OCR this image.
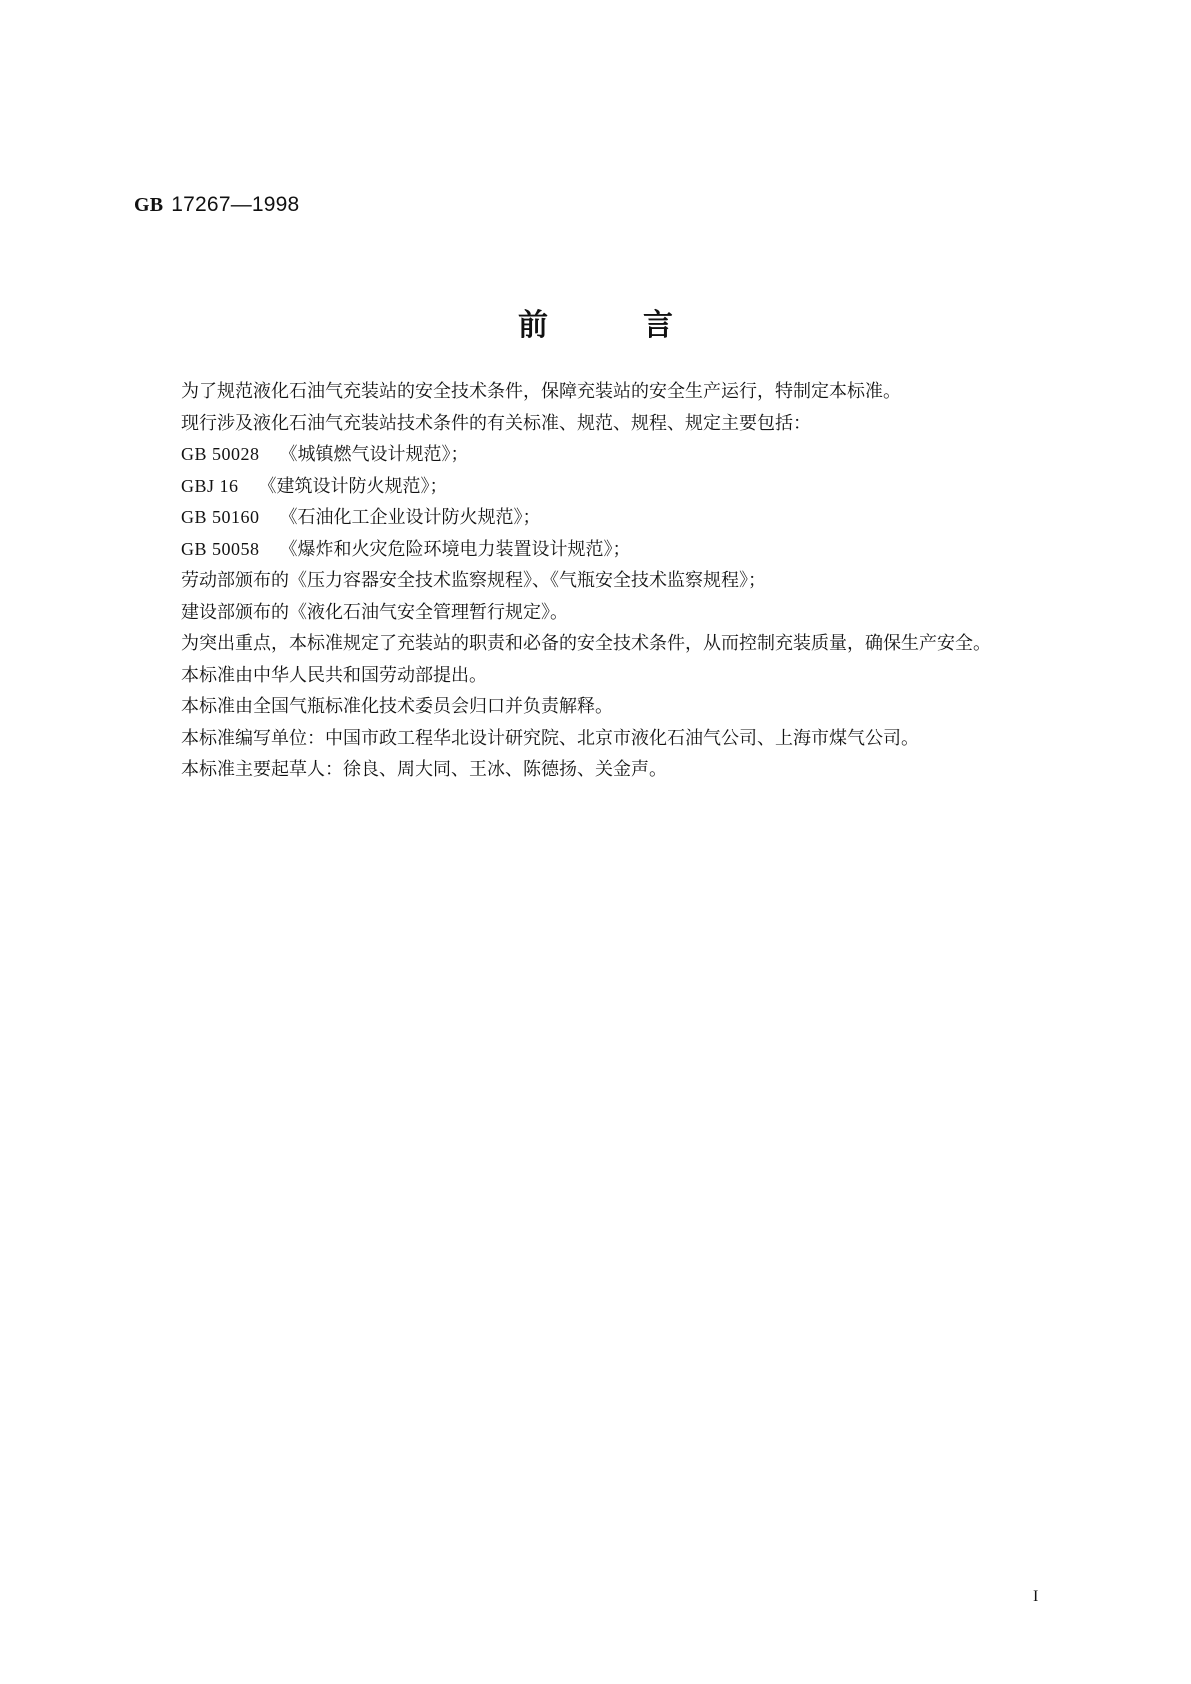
GB 17267—1998
前	言

为了规范液化石油气充装站的安全技术条件，保障充装站的安全生产运行，特制定本标准。

现行涉及液化石油气充装站技术条件的有关标准、规范、规程、规定主要包括：

GB 50028 《城镇燃气设计规范》；

GBJ 16 《建筑设计防火规范》；

GB 50160 《石油化工企业设计防火规范》；

GB 50058 《爆炸和火灾危险环境电力装置设计规范》；

劳动部颁布的《压力容器安全技术监察规程》、《气瓶安全技术监察规程》；

建设部颁布的《液化石油气安全管理暂行规定》。

为突出重点，本标准规定了充装站的职责和必备的安全技术条件，从而控制充装质量，确保生产安全。

本标准由中华人民共和国劳动部提出。

本标准由全国气瓶标准化技术委员会归口并负责解释。

本标准编写单位：中国市政工程华北设计研究院、北京市液化石油气公司、上海市煤气公司。

本标准主要起草人：徐良、周大同、王冰、陈德扬、关金声。

I
